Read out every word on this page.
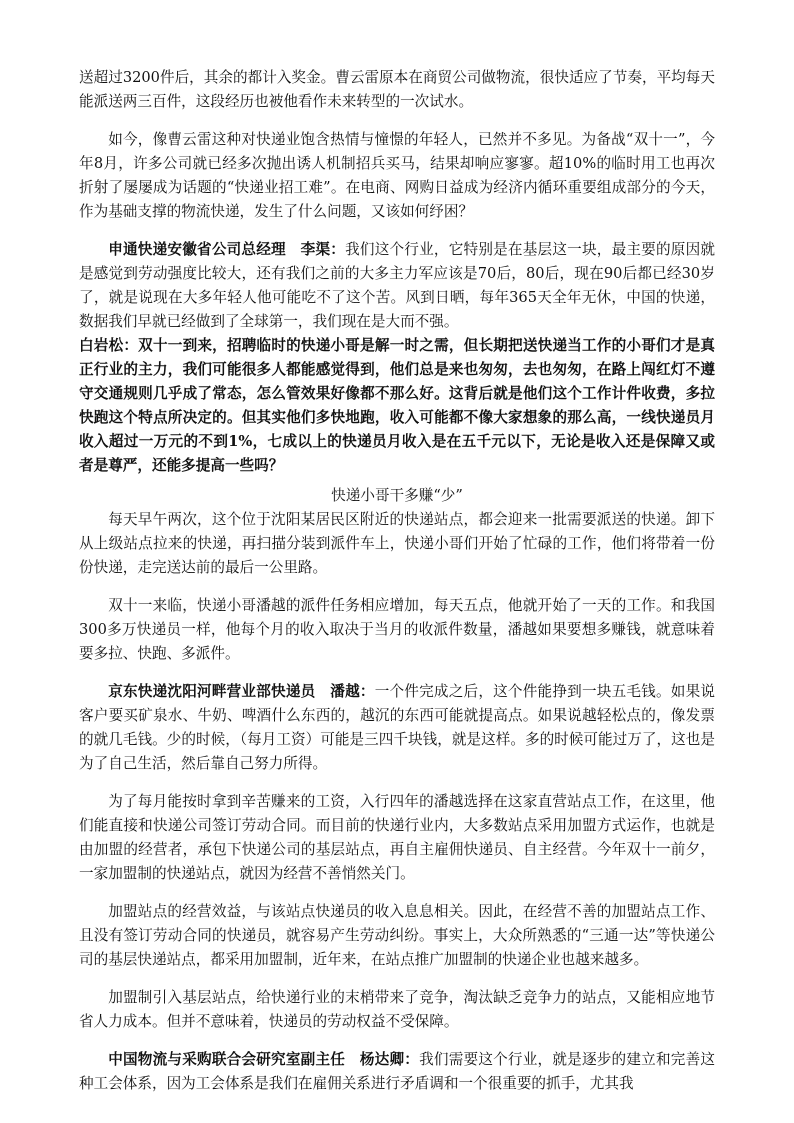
送超过3200件后，其余的都计入奖金。曹云雷原本在商贸公司做物流，很快适应了节奏，平均每天能派送两三百件，这段经历也被他看作未来转型的一次试水。

如今，像曹云雷这种对快递业饱含热情与憧憬的年轻人，已然并不多见。为备战“双十一”，今年8月，许多公司就已经多次抛出诱人机制招兵买马，结果却响应寥寥。超10%的临时用工也再次折射了屡屡成为话题的“快递业招工难”。在电商、网购日益成为经济内循环重要组成部分的今天，作为基础支撑的物流快递，发生了什么问题，又该如何纾困？

申通快递安徽省公司总经理　李渠：我们这个行业，它特别是在基层这一块，最主要的原因就是感觉到劳动强度比较大，还有我们之前的大多主力军应该是70后，80后，现在90后都已经30岁了，就是说现在大多年轻人他可能吃不了这个苦。风到日晒，每年365天全年无休，中国的快递，数据我们早就已经做到了全球第一，我们现在是大而不强。

白岩松：双十一到来，招聘临时的快递小哥是解一时之需，但长期把送快递当工作的小哥们才是真正行业的主力，我们可能很多人都能感觉得到，他们总是来也匆匆，去也匆匆，在路上闯红灯不遵守交通规则几乎成了常态，怎么管效果好像都不那么好。这背后就是他们这个工作计件收费，多拉快跑这个特点所决定的。但其实他们多快地跑，收入可能都不像大家想象的那么高，一线快递员月收入超过一万元的不到1%，七成以上的快递员月收入是在五千元以下，无论是收入还是保障又或者是尊严，还能多提高一些吗？

快递小哥干多赚“少”

每天早午两次，这个位于沈阳某居民区附近的快递站点，都会迎来一批需要派送的快递。卸下从上级站点拉来的快递，再扫描分装到派件车上，快递小哥们开始了忙碌的工作，他们将带着一份份快递，走完送达前的最后一公里路。

双十一来临，快递小哥潘越的派件任务相应增加，每天五点，他就开始了一天的工作。和我国300多万快递员一样，他每个月的收入取决于当月的收派件数量，潘越如果要想多赚钱，就意味着要多拉、快跑、多派件。

京东快递沈阳河畔营业部快递员　潘越：一个件完成之后，这个件能挣到一块五毛钱。如果说客户要买矿泉水、牛奶、啤酒什么东西的，越沉的东西可能就提高点。如果说越轻松点的，像发票的就几毛钱。少的时候，（每月工资）可能是三四千块钱，就是这样。多的时候可能过万了，这也是为了自己生活，然后靠自己努力所得。

为了每月能按时拿到辛苦赚来的工资，入行四年的潘越选择在这家直营站点工作，在这里，他们能直接和快递公司签订劳动合同。而目前的快递行业内，大多数站点采用加盟方式运作，也就是由加盟的经营者，承包下快递公司的基层站点，再自主雇佣快递员、自主经营。今年双十一前夕，一家加盟制的快递站点，就因为经营不善悄然关门。

加盟站点的经营效益，与该站点快递员的收入息息相关。因此，在经营不善的加盟站点工作、且没有签订劳动合同的快递员，就容易产生劳动纠纷。事实上，大众所熟悉的“三通一达”等快递公司的基层快递站点，都采用加盟制，近年来，在站点推广加盟制的快递企业也越来越多。

加盟制引入基层站点，给快递行业的末梢带来了竞争，淘汰缺乏竞争力的站点，又能相应地节省人力成本。但并不意味着，快递员的劳动权益不受保障。

中国物流与采购联合会研究室副主任　杨达卿：我们需要这个行业，就是逐步的建立和完善这种工会体系，因为工会体系是我们在雇佣关系进行矛盾调和一个很重要的抓手，尤其我
